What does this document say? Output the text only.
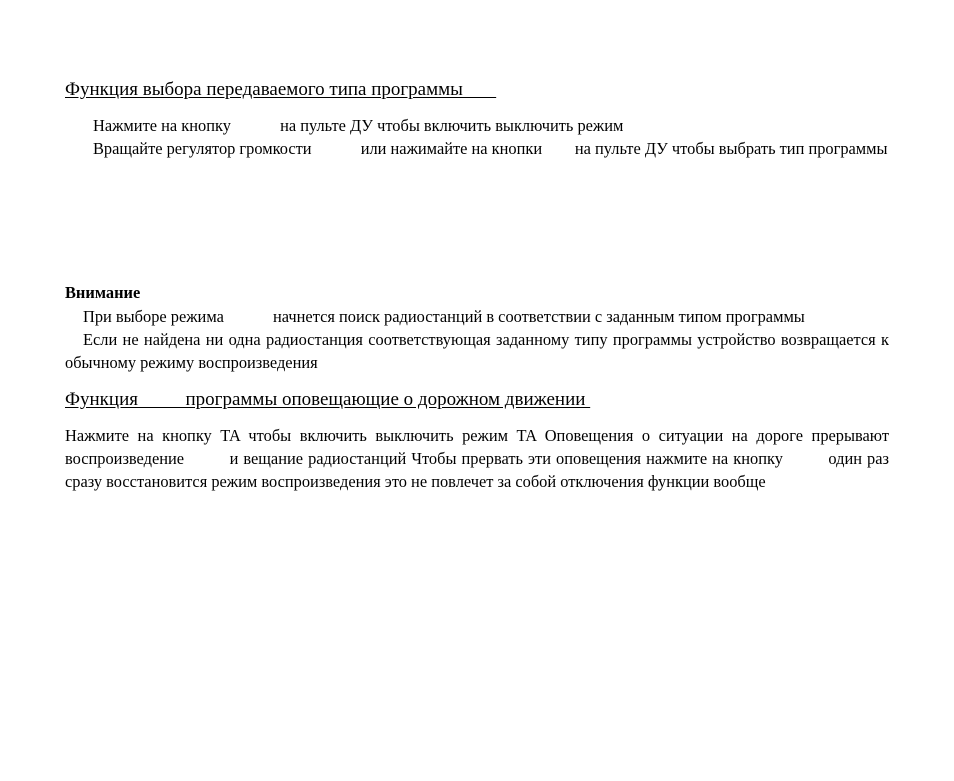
Функция выбора передаваемого типа программы

Нажмите на кнопку	на пульте ДУ чтобы включить выключить режим

Вращайте регулятор громкости	или нажимайте на кнопки на пульте ДУ чтобы выбрать тип программы

Внимание

При выборе режима	начнется поиск радиостанций в соответствии с заданным типом программы

Если не найдена ни одна радиостанция соответствующая заданному типу программы устройство возвращается к обычному режиму воспроизведения

Функция	программы оповещающие о дорожном движении

Нажмите на кнопку TA чтобы включить выключить режим TA Оповещения о ситуации на дороге прерывают воспроизведение	и вещание радиостанций Чтобы прервать эти оповещения нажмите на кнопку	один раз сразу восстановится режим воспроизведения это не повлечет за собой отключения функции вообще
